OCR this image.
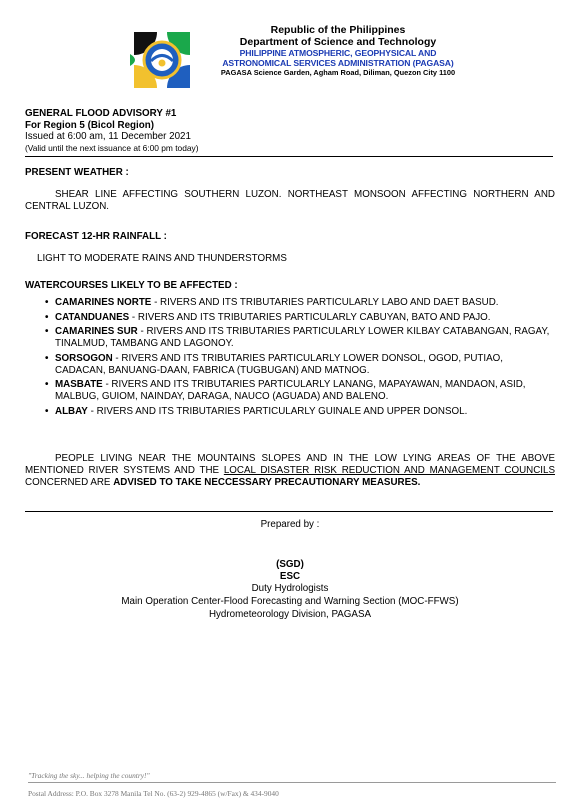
Republic of the Philippines
Department of Science and Technology
PHILIPPINE ATMOSPHERIC, GEOPHYSICAL AND
ASTRONOMICAL SERVICES ADMINISTRATION (PAGASA)
PAGASA Science Garden, Agham Road, Diliman, Quezon City 1100
GENERAL FLOOD ADVISORY #1
For Region 5 (Bicol Region)
Issued at 6:00 am, 11 December 2021
(Valid until the next issuance at 6:00 pm today)
PRESENT WEATHER :
SHEAR LINE AFFECTING SOUTHERN LUZON. NORTHEAST MONSOON AFFECTING NORTHERN AND CENTRAL LUZON.
FORECAST 12-HR RAINFALL :
LIGHT TO MODERATE RAINS AND THUNDERSTORMS
WATERCOURSES LIKELY TO BE AFFECTED :
• CAMARINES NORTE - RIVERS AND ITS TRIBUTARIES PARTICULARLY LABO AND DAET BASUD.
• CATANDUANES - RIVERS AND ITS TRIBUTARIES PARTICULARLY CABUYAN, BATO AND PAJO.
• CAMARINES SUR - RIVERS AND ITS TRIBUTARIES PARTICULARLY LOWER KILBAY CATABANGAN, RAGAY, TINALMUD, TAMBANG AND LAGONOY.
• SORSOGON - RIVERS AND ITS TRIBUTARIES PARTICULARLY LOWER DONSOL, OGOD, PUTIAO, CADACAN, BANUANG-DAAN, FABRICA (TUGBUGAN) AND MATNOG.
• MASBATE - RIVERS AND ITS TRIBUTARIES PARTICULARLY LANANG, MAPAYAWAN, MANDAON, ASID, MALBUG, GUIOM, NAINDAY, DARAGA, NAUCO (AGUADA) AND BALENO.
• ALBAY - RIVERS AND ITS TRIBUTARIES PARTICULARLY GUINALE AND UPPER DONSOL.
PEOPLE LIVING NEAR THE MOUNTAINS SLOPES AND IN THE LOW LYING AREAS OF THE ABOVE MENTIONED RIVER SYSTEMS AND THE LOCAL DISASTER RISK REDUCTION AND MANAGEMENT COUNCILS CONCERNED ARE ADVISED TO TAKE NECCESSARY PRECAUTIONARY MEASURES.
Prepared by :
(SGD)
ESC
Duty Hydrologists
Main Operation Center-Flood Forecasting and Warning Section (MOC-FFWS)
Hydrometeorology Division, PAGASA
"Tracking the sky... helping the country!"
Postal Address: P.O. Box 3278 Manila Tel No. (63-2) 929-4865 (w/Fax) & 434-9040
